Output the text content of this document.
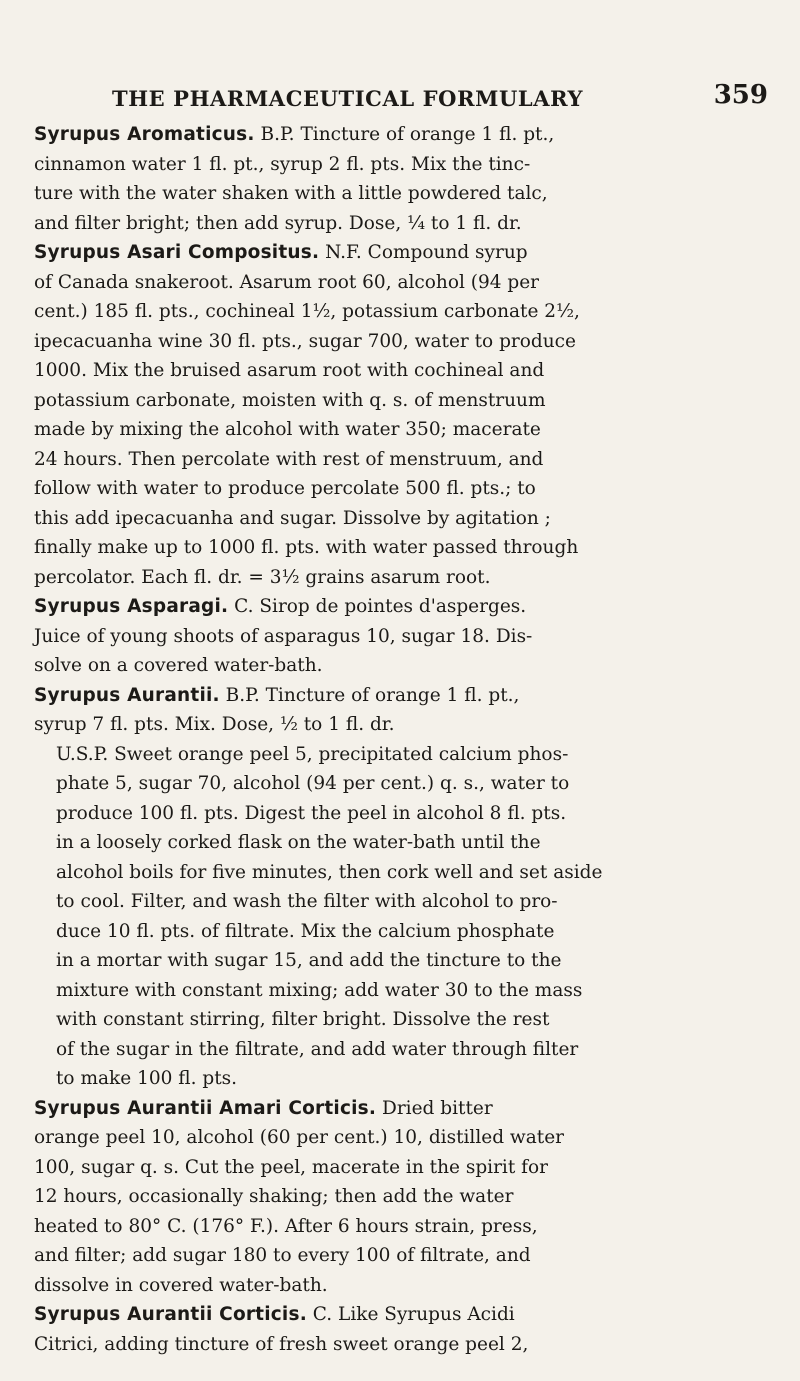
THE PHARMACEUTICAL FORMULARY	359
Syrupus Aromaticus. B.P. Tincture of orange 1 fl. pt.,
cinnamon water 1 fl. pt., syrup 2 fl. pts. Mix the tinc-
ture with the water shaken with a little powdered talc,
and filter bright; then add syrup. Dose, ¼ to 1 fl. dr.
Syrupus Asari Compositus. N.F. Compound syrup
of Canada snakeroot. Asarum root 60, alcohol (94 per
cent.) 185 fl. pts., cochineal 1½, potassium carbonate 2½,
ipecacuanha wine 30 fl. pts., sugar 700, water to produce
1000. Mix the bruised asarum root with cochineal and
potassium carbonate, moisten with q. s. of menstruum
made by mixing the alcohol with water 350; macerate
24 hours. Then percolate with rest of menstruum, and
follow with water to produce percolate 500 fl. pts.; to
this add ipecacuanha and sugar. Dissolve by agitation ;
finally make up to 1000 fl. pts. with water passed through
percolator. Each fl. dr. = 3½ grains asarum root.
Syrupus Asparagi. C. Sirop de pointes d'asperges.
Juice of young shoots of asparagus 10, sugar 18. Dis-
solve on a covered water-bath.
Syrupus Aurantii. B.P. Tincture of orange 1 fl. pt.,
syrup 7 fl. pts. Mix. Dose, ½ to 1 fl. dr.
U.S.P. Sweet orange peel 5, precipitated calcium phos-
phate 5, sugar 70, alcohol (94 per cent.) q. s., water to
produce 100 fl. pts. Digest the peel in alcohol 8 fl. pts.
in a loosely corked flask on the water-bath until the
alcohol boils for five minutes, then cork well and set aside
to cool. Filter, and wash the filter with alcohol to pro-
duce 10 fl. pts. of filtrate. Mix the calcium phosphate
in a mortar with sugar 15, and add the tincture to the
mixture with constant mixing; add water 30 to the mass
with constant stirring, filter bright. Dissolve the rest
of the sugar in the filtrate, and add water through filter
to make 100 fl. pts.
Syrupus Aurantii Amari Corticis. Dried bitter
orange peel 10, alcohol (60 per cent.) 10, distilled water
100, sugar q. s. Cut the peel, macerate in the spirit for
12 hours, occasionally shaking; then add the water
heated to 80° C. (176° F.). After 6 hours strain, press,
and filter; add sugar 180 to every 100 of filtrate, and
dissolve in covered water-bath.
Syrupus Aurantii Corticis. C. Like Syrupus Acidi
Citrici, adding tincture of fresh sweet orange peel 2,
